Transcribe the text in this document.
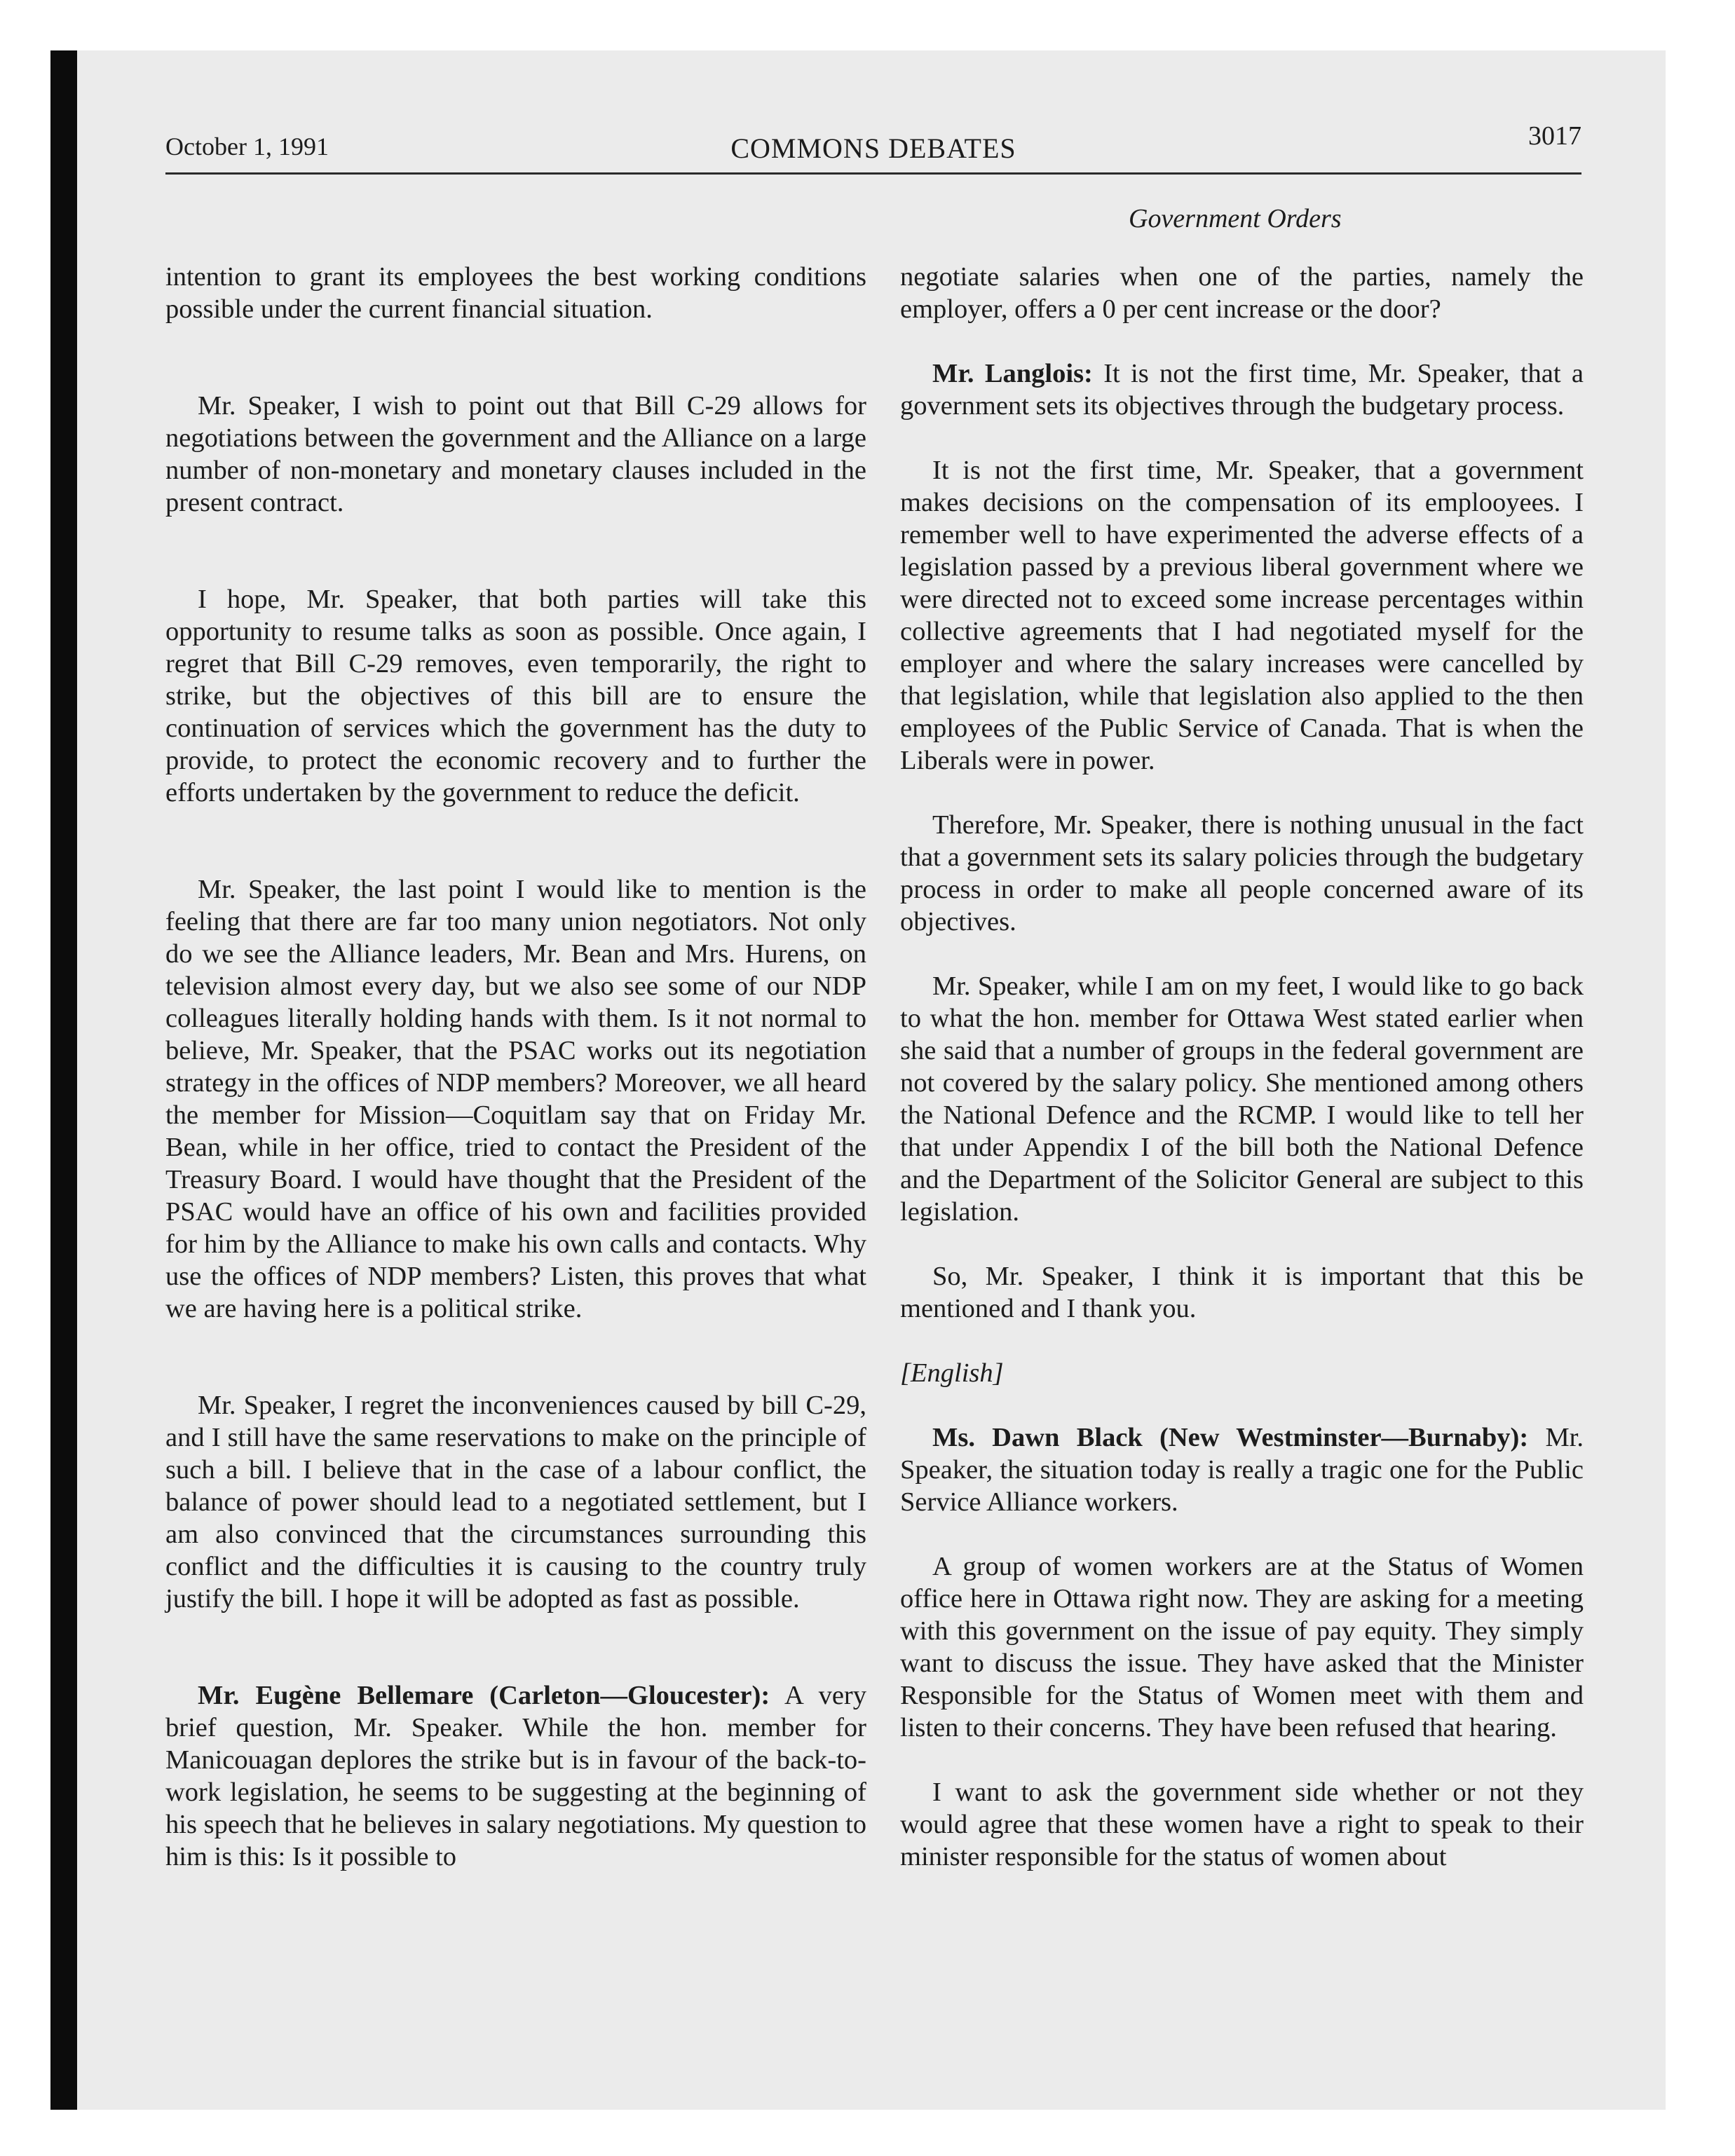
October 1, 1991	COMMONS DEBATES	3017
Government Orders

intention to grant its employees the best working conditions possible under the current financial situation.

Mr. Speaker, I wish to point out that Bill C-29 allows for negotiations between the government and the Alliance on a large number of non-monetary and monetary clauses included in the present contract.

I hope, Mr. Speaker, that both parties will take this opportunity to resume talks as soon as possible. Once again, I regret that Bill C-29 removes, even temporarily, the right to strike, but the objectives of this bill are to ensure the continuation of services which the government has the duty to provide, to protect the economic recovery and to further the efforts undertaken by the government to reduce the deficit.

Mr. Speaker, the last point I would like to mention is the feeling that there are far too many union negotiators. Not only do we see the Alliance leaders, Mr. Bean and Mrs. Hurens, on television almost every day, but we also see some of our NDP colleagues literally holding hands with them. Is it not normal to believe, Mr. Speaker, that the PSAC works out its negotiation strategy in the offices of NDP members? Moreover, we all heard the member for Mission—Coquitlam say that on Friday Mr. Bean, while in her office, tried to contact the President of the Treasury Board. I would have thought that the President of the PSAC would have an office of his own and facilities provided for him by the Alliance to make his own calls and contacts. Why use the offices of NDP members? Listen, this proves that what we are having here is a political strike.

Mr. Speaker, I regret the inconveniences caused by bill C-29, and I still have the same reservations to make on the principle of such a bill. I believe that in the case of a labour conflict, the balance of power should lead to a negotiated settlement, but I am also convinced that the circumstances surrounding this conflict and the difficulties it is causing to the country truly justify the bill. I hope it will be adopted as fast as possible.

Mr. Eugène Bellemare (Carleton—Gloucester): A very brief question, Mr. Speaker. While the hon. member for Manicouagan deplores the strike but is in favour of the back-to-work legislation, he seems to be suggesting at the beginning of his speech that he believes in salary negotiations. My question to him is this: Is it possible to

negotiate salaries when one of the parties, namely the employer, offers a 0 per cent increase or the door?

Mr. Langlois: It is not the first time, Mr. Speaker, that a government sets its objectives through the budgetary process.

It is not the first time, Mr. Speaker, that a government makes decisions on the compensation of its emplooyees. I remember well to have experimented the adverse effects of a legislation passed by a previous liberal government where we were directed not to exceed some increase percentages within collective agreements that I had negotiated myself for the employer and where the salary increases were cancelled by that legislation, while that legislation also applied to the then employees of the Public Service of Canada. That is when the Liberals were in power.

Therefore, Mr. Speaker, there is nothing unusual in the fact that a government sets its salary policies through the budgetary process in order to make all people concerned aware of its objectives.

Mr. Speaker, while I am on my feet, I would like to go back to what the hon. member for Ottawa West stated earlier when she said that a number of groups in the federal government are not covered by the salary policy. She mentioned among others the National Defence and the RCMP. I would like to tell her that under Appendix I of the bill both the National Defence and the Department of the Solicitor General are subject to this legislation.

So, Mr. Speaker, I think it is important that this be mentioned and I thank you.

[English]

Ms. Dawn Black (New Westminster—Burnaby): Mr. Speaker, the situation today is really a tragic one for the Public Service Alliance workers.

A group of women workers are at the Status of Women office here in Ottawa right now. They are asking for a meeting with this government on the issue of pay equity. They simply want to discuss the issue. They have asked that the Minister Responsible for the Status of Women meet with them and listen to their concerns. They have been refused that hearing.

I want to ask the government side whether or not they would agree that these women have a right to speak to their minister responsible for the status of women about
